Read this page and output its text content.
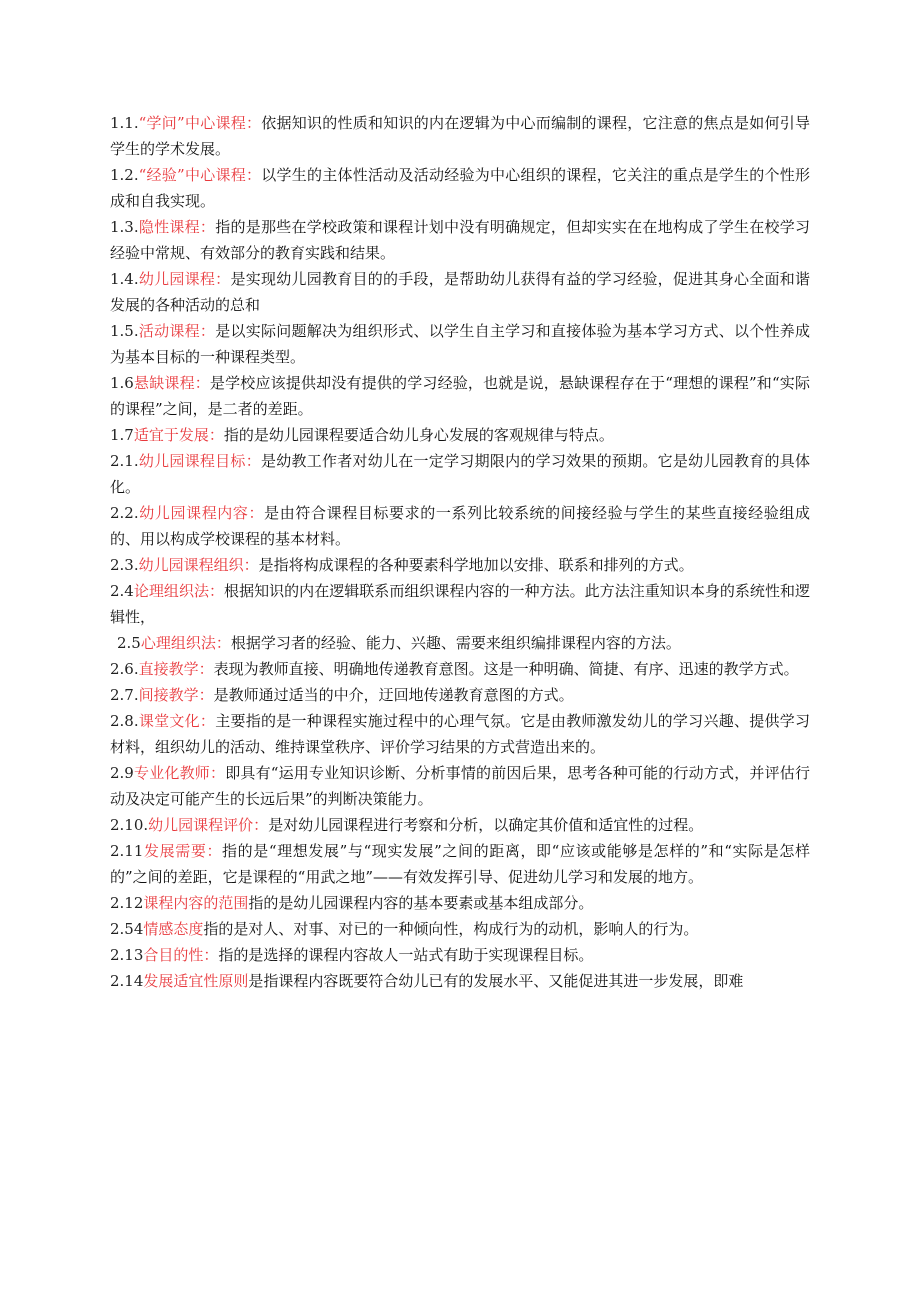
1.1.“学问”中心课程：依据知识的性质和知识的内在逻辑为中心而编制的课程，它注意的焦点是如何引导学生的学术发展。

1.2.“经验”中心课程：以学生的主体性活动及活动经验为中心组织的课程，它关注的重点是学生的个性形成和自我实现。

1.3.隐性课程：指的是那些在学校政策和课程计划中没有明确规定，但却实实在在地构成了学生在校学习经验中常规、有效部分的教育实践和结果。

1.4.幼儿园课程：是实现幼儿园教育目的的手段，是帮助幼儿获得有益的学习经验，促进其身心全面和谐发展的各种活动的总和

1.5.活动课程：是以实际问题解决为组织形式、以学生自主学习和直接体验为基本学习方式、以个性养成为基本目标的一种课程类型。

1.6悬缺课程：是学校应该提供却没有提供的学习经验，也就是说，悬缺课程存在于“理想的课程”和“实际的课程”之间，是二者的差距。

1.7适宜于发展：指的是幼儿园课程要适合幼儿身心发展的客观规律与特点。

2.1.幼儿园课程目标：是幼教工作者对幼儿在一定学习期限内的学习效果的预期。它是幼儿园教育的具体化。

2.2.幼儿园课程内容：是由符合课程目标要求的一系列比较系统的间接经验与学生的某些直接经验组成的、用以构成学校课程的基本材料。

2.3.幼儿园课程组织：是指将构成课程的各种要素科学地加以安排、联系和排列的方式。

2.4论理组织法：根据知识的内在逻辑联系而组织课程内容的一种方法。此方法注重知识本身的系统性和逻辑性，

2.5心理组织法：根据学习者的经验、能力、兴趣、需要来组织编排课程内容的方法。

2.6.直接教学：表现为教师直接、明确地传递教育意图。这是一种明确、简捷、有序、迅速的教学方式。

2.7.间接教学：是教师通过适当的中介，迂回地传递教育意图的方式。

2.8.课堂文化：主要指的是一种课程实施过程中的心理气氛。它是由教师激发幼儿的学习兴趣、提供学习材料，组织幼儿的活动、维持课堂秩序、评价学习结果的方式营造出来的。

2.9专业化教师：即具有“运用专业知识诊断、分析事情的前因后果，思考各种可能的行动方式，并评估行动及决定可能产生的长远后果”的判断决策能力。

2.10.幼儿园课程评价：是对幼儿园课程进行考察和分析，以确定其价值和适宜性的过程。

2.11发展需要：指的是“理想发展”与“现实发展”之间的距离，即“应该或能够是怎样的”和“实际是怎样的”之间的差距，它是课程的“用武之地”——有效发挥引导、促进幼儿学习和发展的地方。

2.12课程内容的范围指的是幼儿园课程内容的基本要素或基本组成部分。

2.54情感态度指的是对人、对事、对已的一种倾向性，构成行为的动机，影响人的行为。

2.13合目的性：指的是选择的课程内容故人一站式有助于实现课程目标。

2.14发展适宜性原则是指课程内容既要符合幼儿已有的发展水平、又能促进其进一步发展，即难
